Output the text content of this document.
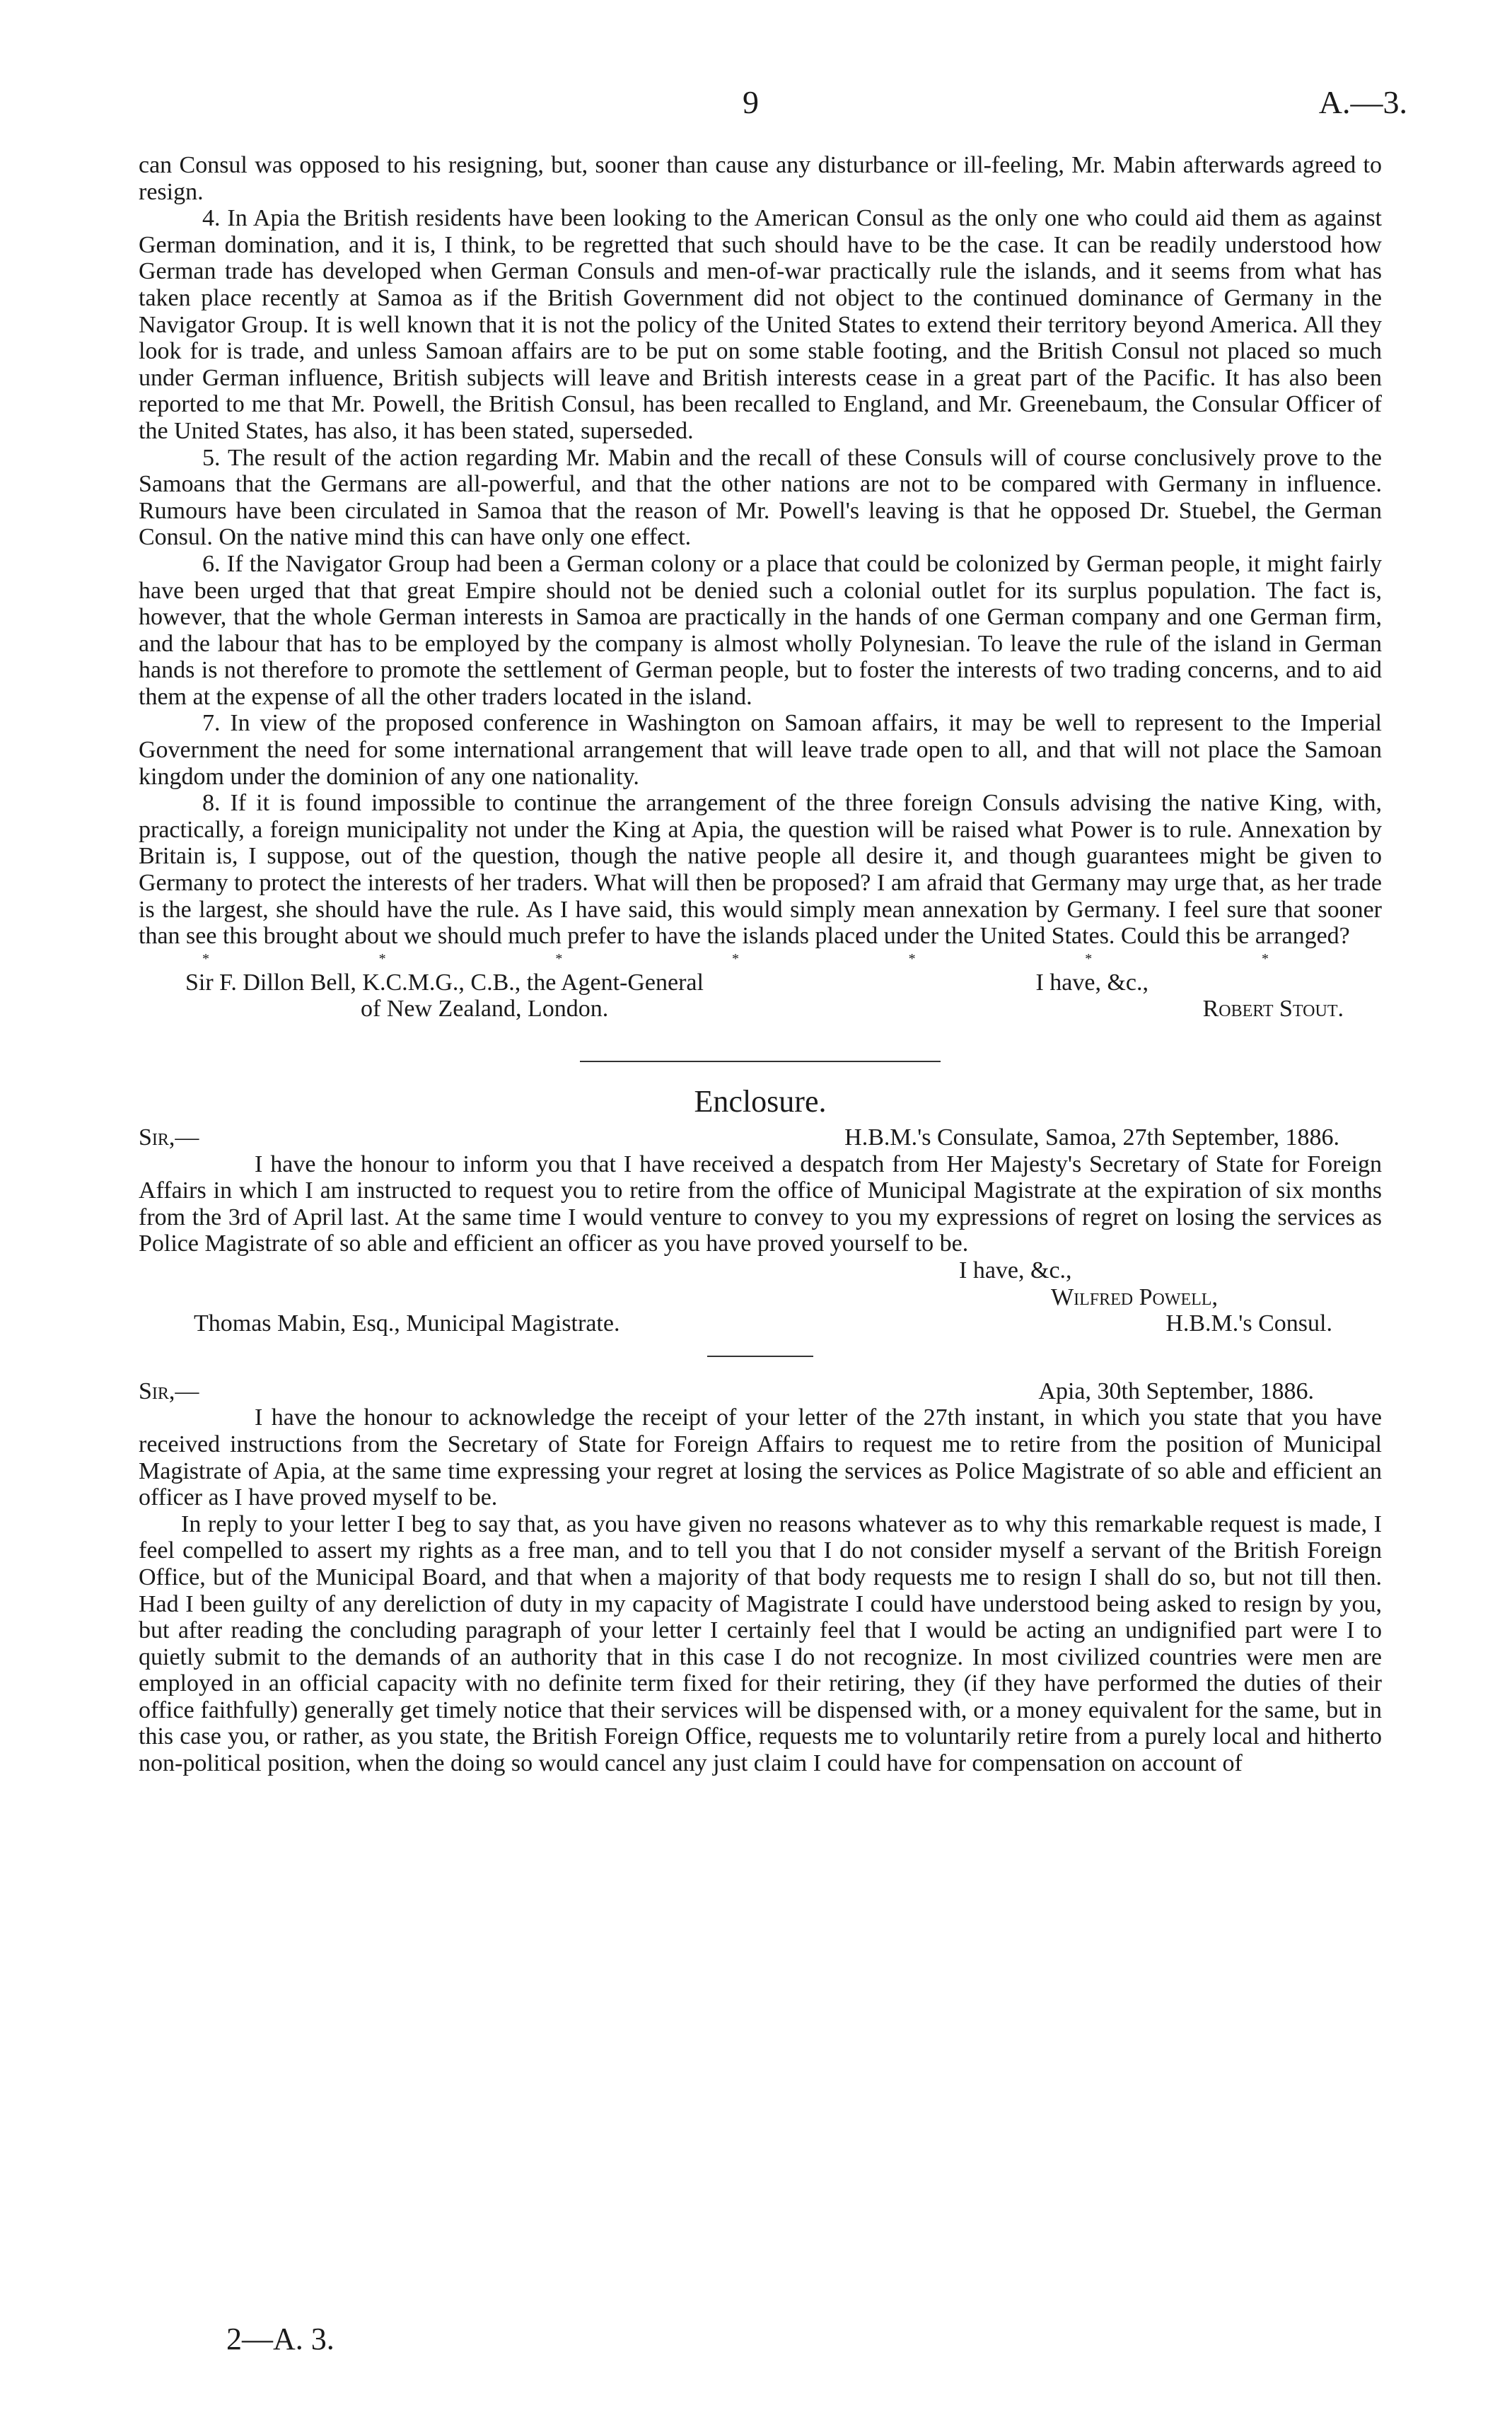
9	A.—3.

can Consul was opposed to his resigning, but, sooner than cause any disturbance or ill-feeling, Mr. Mabin afterwards agreed to resign.

4. In Apia the British residents have been looking to the American Consul as the only one who could aid them as against German domination, and it is, I think, to be regretted that such should have to be the case. It can be readily understood how German trade has developed when German Consuls and men-of-war practically rule the islands, and it seems from what has taken place recently at Samoa as if the British Government did not object to the continued dominance of Germany in the Navigator Group. It is well known that it is not the policy of the United States to extend their territory beyond America. All they look for is trade, and unless Samoan affairs are to be put on some stable footing, and the British Consul not placed so much under German influence, British subjects will leave and British interests cease in a great part of the Pacific. It has also been reported to me that Mr. Powell, the British Consul, has been recalled to England, and Mr. Greenebaum, the Consular Officer of the United States, has also, it has been stated, superseded.

5. The result of the action regarding Mr. Mabin and the recall of these Consuls will of course conclusively prove to the Samoans that the Germans are all-powerful, and that the other nations are not to be compared with Germany in influence. Rumours have been circulated in Samoa that the reason of Mr. Powell's leaving is that he opposed Dr. Stuebel, the German Consul. On the native mind this can have only one effect.

6. If the Navigator Group had been a German colony or a place that could be colonized by German people, it might fairly have been urged that that great Empire should not be denied such a colonial outlet for its surplus population. The fact is, however, that the whole German interests in Samoa are practically in the hands of one German company and one German firm, and the labour that has to be employed by the company is almost wholly Polynesian. To leave the rule of the island in German hands is not therefore to promote the settlement of German people, but to foster the interests of two trading concerns, and to aid them at the expense of all the other traders located in the island.

7. In view of the proposed conference in Washington on Samoan affairs, it may be well to represent to the Imperial Government the need for some international arrangement that will leave trade open to all, and that will not place the Samoan kingdom under the dominion of any one nationality.

8. If it is found impossible to continue the arrangement of the three foreign Consuls advising the native King, with, practically, a foreign municipality not under the King at Apia, the question will be raised what Power is to rule. Annexation by Britain is, I suppose, out of the question, though the native people all desire it, and though guarantees might be given to Germany to protect the interests of her traders. What will then be proposed? I am afraid that Germany may urge that, as her trade is the largest, she should have the rule. As I have said, this would simply mean annexation by Germany. I feel sure that sooner than see this brought about we should much prefer to have the islands placed under the United States. Could this be arranged?

*	*	*	*	*	*	*
Sir F. Dillon Bell, K.C.M.G., C.B., the Agent-General	I have, &c.,
of New Zealand, London.	Robert Stout.
Enclosure.
Sir,—	H.B.M.'s Consulate, Samoa, 27th September, 1886.

I have the honour to inform you that I have received a despatch from Her Majesty's Secretary of State for Foreign Affairs in which I am instructed to request you to retire from the office of Municipal Magistrate at the expiration of six months from the 3rd of April last. At the same time I would venture to convey to you my expressions of regret on losing the services as Police Magistrate of so able and efficient an officer as you have proved yourself to be.

I have, &c.,
Wilfred Powell,
Thomas Mabin, Esq., Municipal Magistrate.	H.B.M.'s Consul.
Sir,—	Apia, 30th September, 1886.

I have the honour to acknowledge the receipt of your letter of the 27th instant, in which you state that you have received instructions from the Secretary of State for Foreign Affairs to request me to retire from the position of Municipal Magistrate of Apia, at the same time expressing your regret at losing the services as Police Magistrate of so able and efficient an officer as I have proved myself to be.

In reply to your letter I beg to say that, as you have given no reasons whatever as to why this remarkable request is made, I feel compelled to assert my rights as a free man, and to tell you that I do not consider myself a servant of the British Foreign Office, but of the Municipal Board, and that when a majority of that body requests me to resign I shall do so, but not till then. Had I been guilty of any dereliction of duty in my capacity of Magistrate I could have understood being asked to resign by you, but after reading the concluding paragraph of your letter I certainly feel that I would be acting an undignified part were I to quietly submit to the demands of an authority that in this case I do not recognize. In most civilized countries were men are employed in an official capacity with no definite term fixed for their retiring, they (if they have performed the duties of their office faithfully) generally get timely notice that their services will be dispensed with, or a money equivalent for the same, but in this case you, or rather, as you state, the British Foreign Office, requests me to voluntarily retire from a purely local and hitherto non-political position, when the doing so would cancel any just claim I could have for compensation on account of

2—A. 3.
